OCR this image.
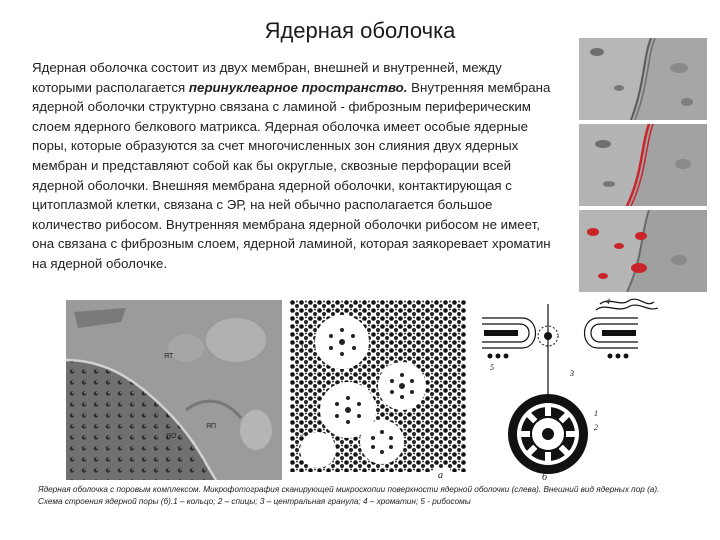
Ядерная оболочка
Ядерная оболочка состоит из двух мембран, внешней и внутренней, между которыми располагается перинуклеарное пространство. Внутренняя мембрана ядерной оболочки структурно связана с ламиной - фиброзным периферическим слоем ядерного белкового матрикса. Ядерная оболочка имеет особые ядерные поры, которые образуются за счет многочисленных зон слияния двух ядерных мембран и представляют собой как бы округлые, сквозные перфорации всей ядерной оболочки. Внешняя мембрана ядерной оболочки, контактирующая с цитоплазмой клетки, связана с ЭР, на ней обычно располагается большое количество рибосом. Внутренняя мембрана ядерной оболочки рибосом не имеет, она связана с фиброзным слоем, ядерной ламиной, которая заякоревает хроматин на ядерной оболочке.
ЯТ
ЯО
ЯП
1
5
а
4
5
1
2
3
б
Ядерная оболочка с поровым комплексом. Микрофотография сканирующей микроскопии поверхности ядерной оболочки (слева). Внешний вид ядерных пор (а). Схема строения ядерной поры (б).1 – кольцо; 2 – спицы; 3 – центральная гранула; 4 – хроматин; 5 - рибосомы
